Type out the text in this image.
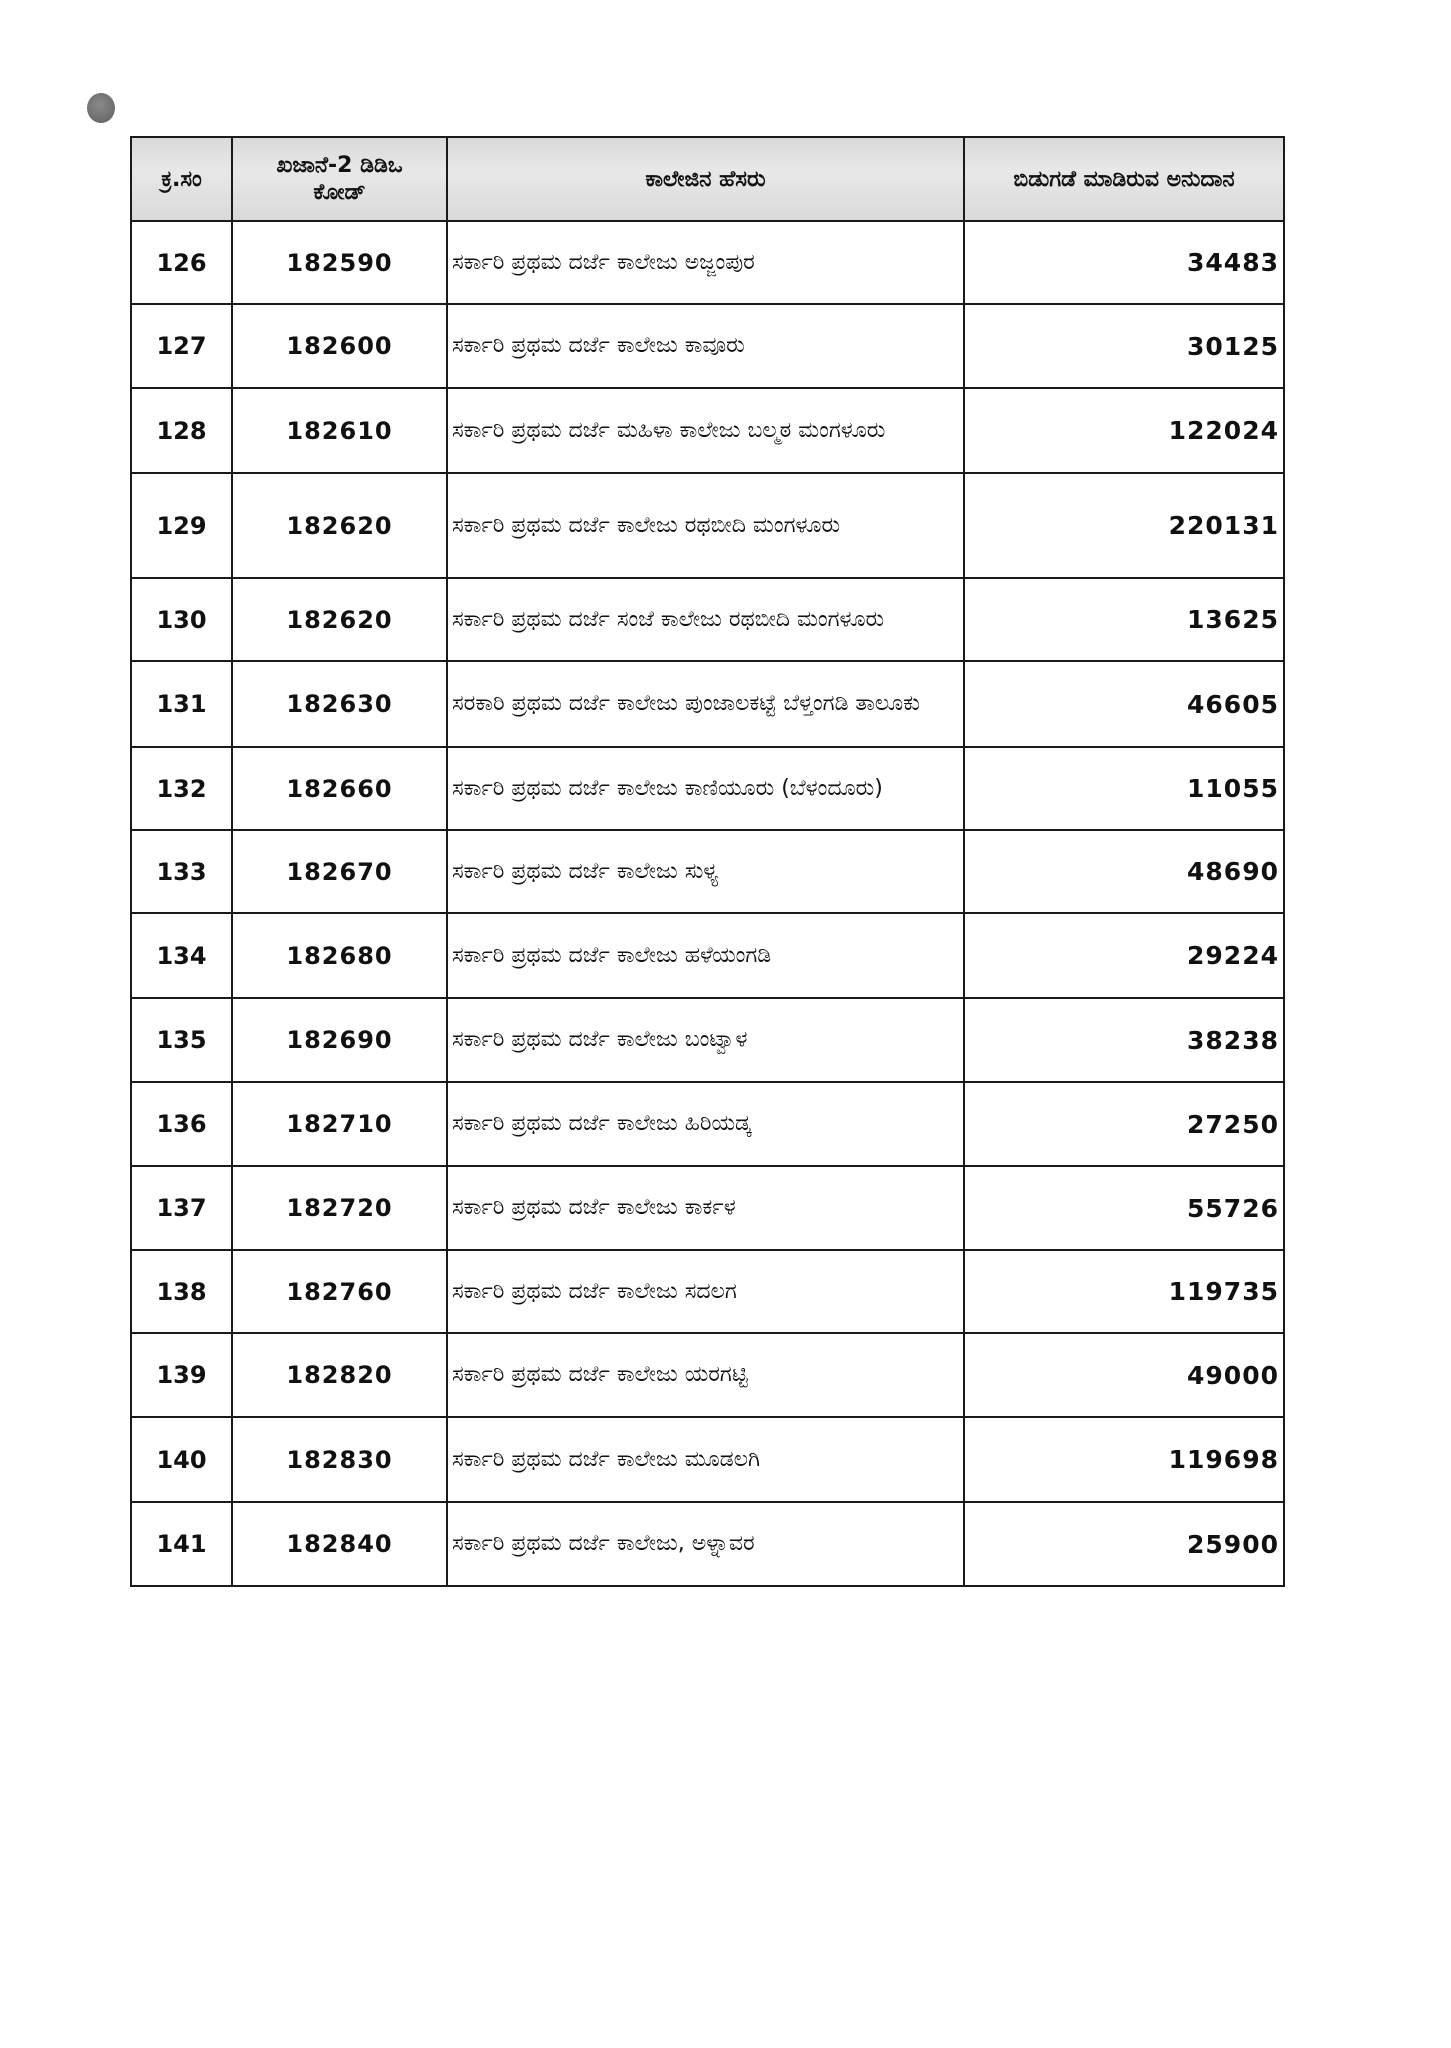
ಕ್ರ.ಸಂ	ಖಜಾನೆ-2 ಡಿಡಿಒ ಕೋಡ್	ಕಾಲೇಜಿನ ಹೆಸರು	ಬಿಡುಗಡೆ ಮಾಡಿರುವ ಅನುದಾನ
126	182590	ಸರ್ಕಾರಿ ಪ್ರಥಮ ದರ್ಜೆ ಕಾಲೇಜು ಅಜ್ಜಂಪುರ	34483
127	182600	ಸರ್ಕಾರಿ ಪ್ರಥಮ ದರ್ಜೆ ಕಾಲೇಜು ಕಾವೂರು	30125
128	182610	ಸರ್ಕಾರಿ ಪ್ರಥಮ ದರ್ಜೆ ಮಹಿಳಾ ಕಾಲೇಜು ಬಲ್ಮಠ ಮಂಗಳೂರು	122024
129	182620	ಸರ್ಕಾರಿ ಪ್ರಥಮ ದರ್ಜೆ ಕಾಲೇಜು ರಥಬೀದಿ ಮಂಗಳೂರು	220131
130	182620	ಸರ್ಕಾರಿ ಪ್ರಥಮ ದರ್ಜೆ ಸಂಜೆ ಕಾಲೇಜು ರಥಬೀದಿ ಮಂಗಳೂರು	13625
131	182630	ಸರಕಾರಿ ಪ್ರಥಮ ದರ್ಜೆ ಕಾಲೇಜು ಪುಂಜಾಲಕಟ್ಟೆ ಬೆಳ್ತಂಗಡಿ ತಾಲೂಕು	46605
132	182660	ಸರ್ಕಾರಿ ಪ್ರಥಮ ದರ್ಜೆ ಕಾಲೇಜು ಕಾಣಿಯೂರು (ಬೆಳಂದೂರು)	11055
133	182670	ಸರ್ಕಾರಿ ಪ್ರಥಮ ದರ್ಜೆ ಕಾಲೇಜು ಸುಳ್ಯ	48690
134	182680	ಸರ್ಕಾರಿ ಪ್ರಥಮ ದರ್ಜೆ ಕಾಲೇಜು ಹಳೆಯಂಗಡಿ	29224
135	182690	ಸರ್ಕಾರಿ ಪ್ರಥಮ ದರ್ಜೆ ಕಾಲೇಜು ಬಂಟ್ವಾಳ	38238
136	182710	ಸರ್ಕಾರಿ ಪ್ರಥಮ ದರ್ಜೆ ಕಾಲೇಜು ಹಿರಿಯಡ್ಕ	27250
137	182720	ಸರ್ಕಾರಿ ಪ್ರಥಮ ದರ್ಜೆ ಕಾಲೇಜು ಕಾರ್ಕಳ	55726
138	182760	ಸರ್ಕಾರಿ ಪ್ರಥಮ ದರ್ಜೆ ಕಾಲೇಜು ಸದಲಗ	119735
139	182820	ಸರ್ಕಾರಿ ಪ್ರಥಮ ದರ್ಜೆ ಕಾಲೇಜು ಯರಗಟ್ಟಿ	49000
140	182830	ಸರ್ಕಾರಿ ಪ್ರಥಮ ದರ್ಜೆ ಕಾಲೇಜು ಮೂಡಲಗಿ	119698
141	182840	ಸರ್ಕಾರಿ ಪ್ರಥಮ ದರ್ಜೆ ಕಾಲೇಜು, ಅಳ್ನಾವರ	25900
